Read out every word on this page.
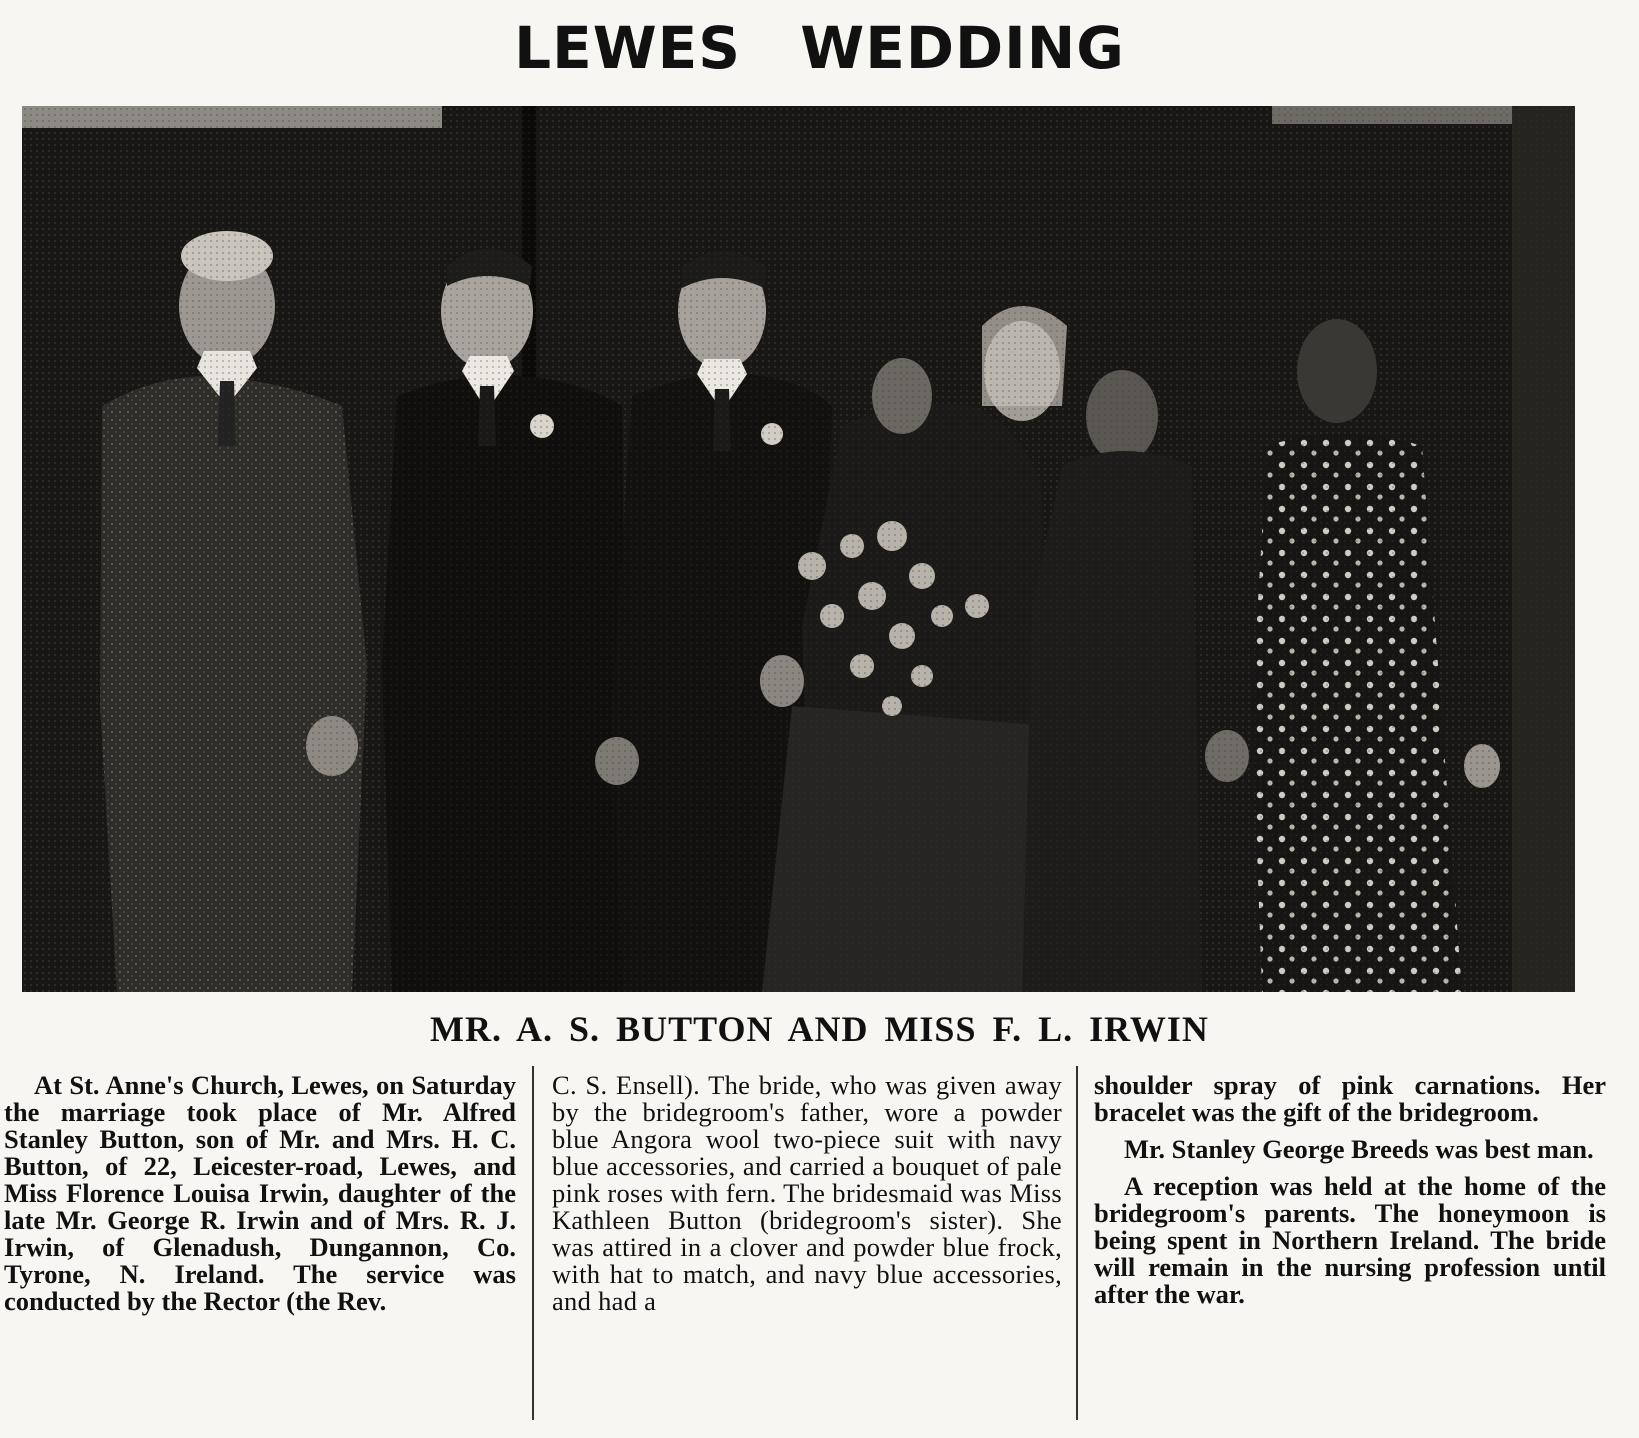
LEWES WEDDING
MR. A. S. BUTTON AND MISS F. L. IRWIN

At St. Anne's Church, Lewes, on Saturday the marriage took place of Mr. Alfred Stanley Button, son of Mr. and Mrs. H. C. Button, of 22, Leicester-road, Lewes, and Miss Florence Louisa Irwin, daughter of the late Mr. George R. Irwin and of Mrs. R. J. Irwin, of Glenadush, Dungannon, Co. Tyrone, N. Ireland. The service was conducted by the Rector (the Rev.

C. S. Ensell). The bride, who was given away by the bridegroom's father, wore a powder blue Angora wool two-piece suit with navy blue accessories, and carried a bouquet of pale pink roses with fern. The bridesmaid was Miss Kathleen Button (bridegroom's sister). She was attired in a clover and powder blue frock, with hat to match, and navy blue accessories, and had a

shoulder spray of pink carnations. Her bracelet was the gift of the bridegroom.

Mr. Stanley George Breeds was best man.

A reception was held at the home of the bridegroom's parents. The honeymoon is being spent in Northern Ireland. The bride will remain in the nursing profession until after the war.
